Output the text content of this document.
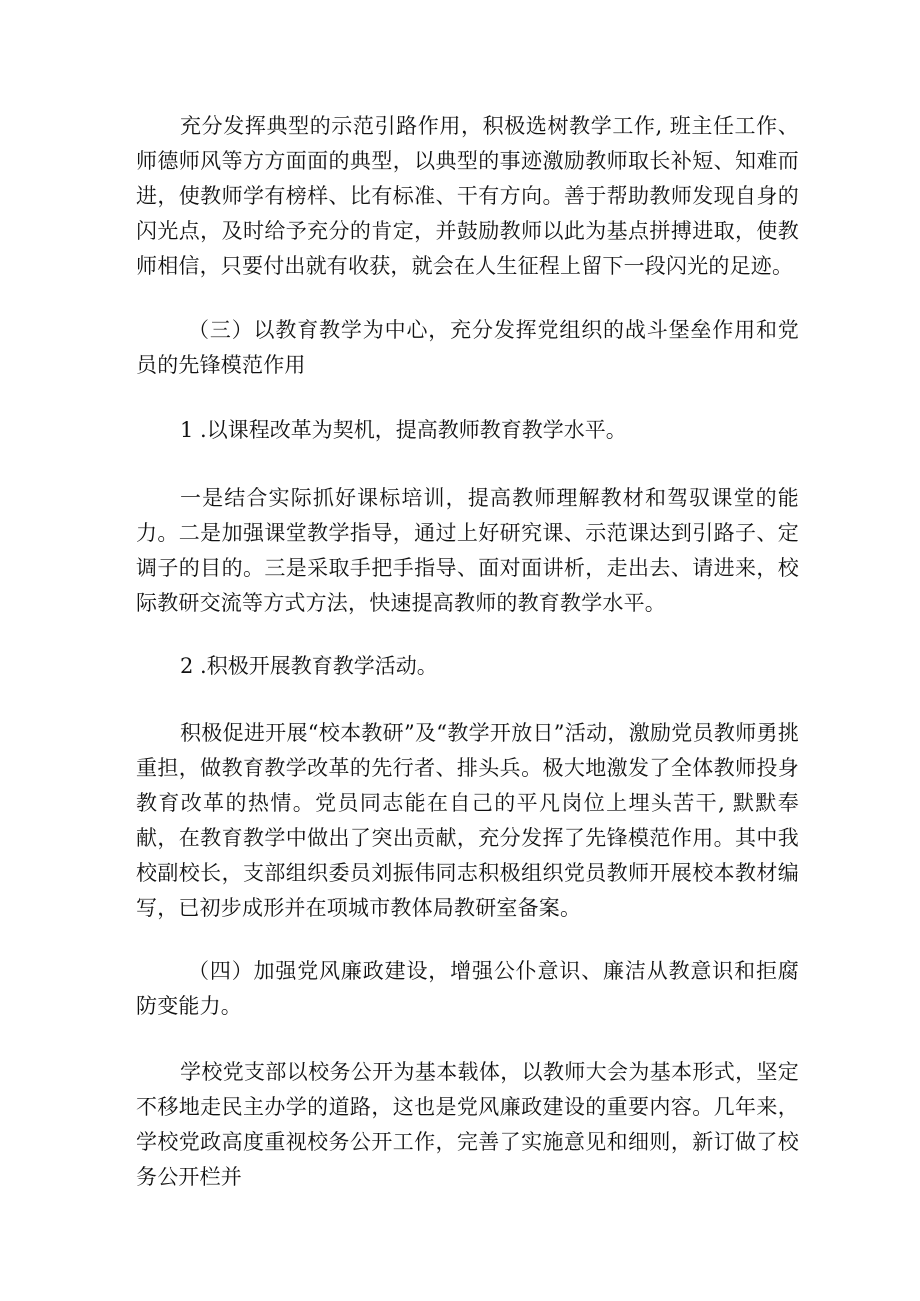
充分发挥典型的示范引路作用，积极选树教学工作, 班主任工作、师德师风等方方面面的典型，以典型的事迹激励教师取长补短、知难而进，使教师学有榜样、比有标准、干有方向。善于帮助教师发现自身的闪光点，及时给予充分的肯定，并鼓励教师以此为基点拼搏进取，使教师相信，只要付出就有收获，就会在人生征程上留下一段闪光的足迹。

（三）以教育教学为中心，充分发挥党组织的战斗堡垒作用和党员的先锋模范作用

1 .以课程改革为契机，提高教师教育教学水平。

一是结合实际抓好课标培训，提高教师理解教材和驾驭课堂的能力。二是加强课堂教学指导，通过上好研究课、示范课达到引路子、定调子的目的。三是采取手把手指导、面对面讲析，走出去、请进来，校际教研交流等方式方法，快速提高教师的教育教学水平。

2 .积极开展教育教学活动。

积极促进开展“校本教研”及“教学开放日”活动，激励党员教师勇挑重担，做教育教学改革的先行者、排头兵。极大地激发了全体教师投身教育改革的热情。党员同志能在自己的平凡岗位上埋头苦干, 默默奉献，在教育教学中做出了突出贡献，充分发挥了先锋模范作用。其中我校副校长，支部组织委员刘振伟同志积极组织党员教师开展校本教材编写，已初步成形并在项城市教体局教研室备案。

（四）加强党风廉政建设，增强公仆意识、廉洁从教意识和拒腐防变能力。

学校党支部以校务公开为基本载体，以教师大会为基本形式，坚定不移地走民主办学的道路，这也是党风廉政建设的重要内容。几年来，学校党政高度重视校务公开工作，完善了实施意见和细则，新订做了校务公开栏并
